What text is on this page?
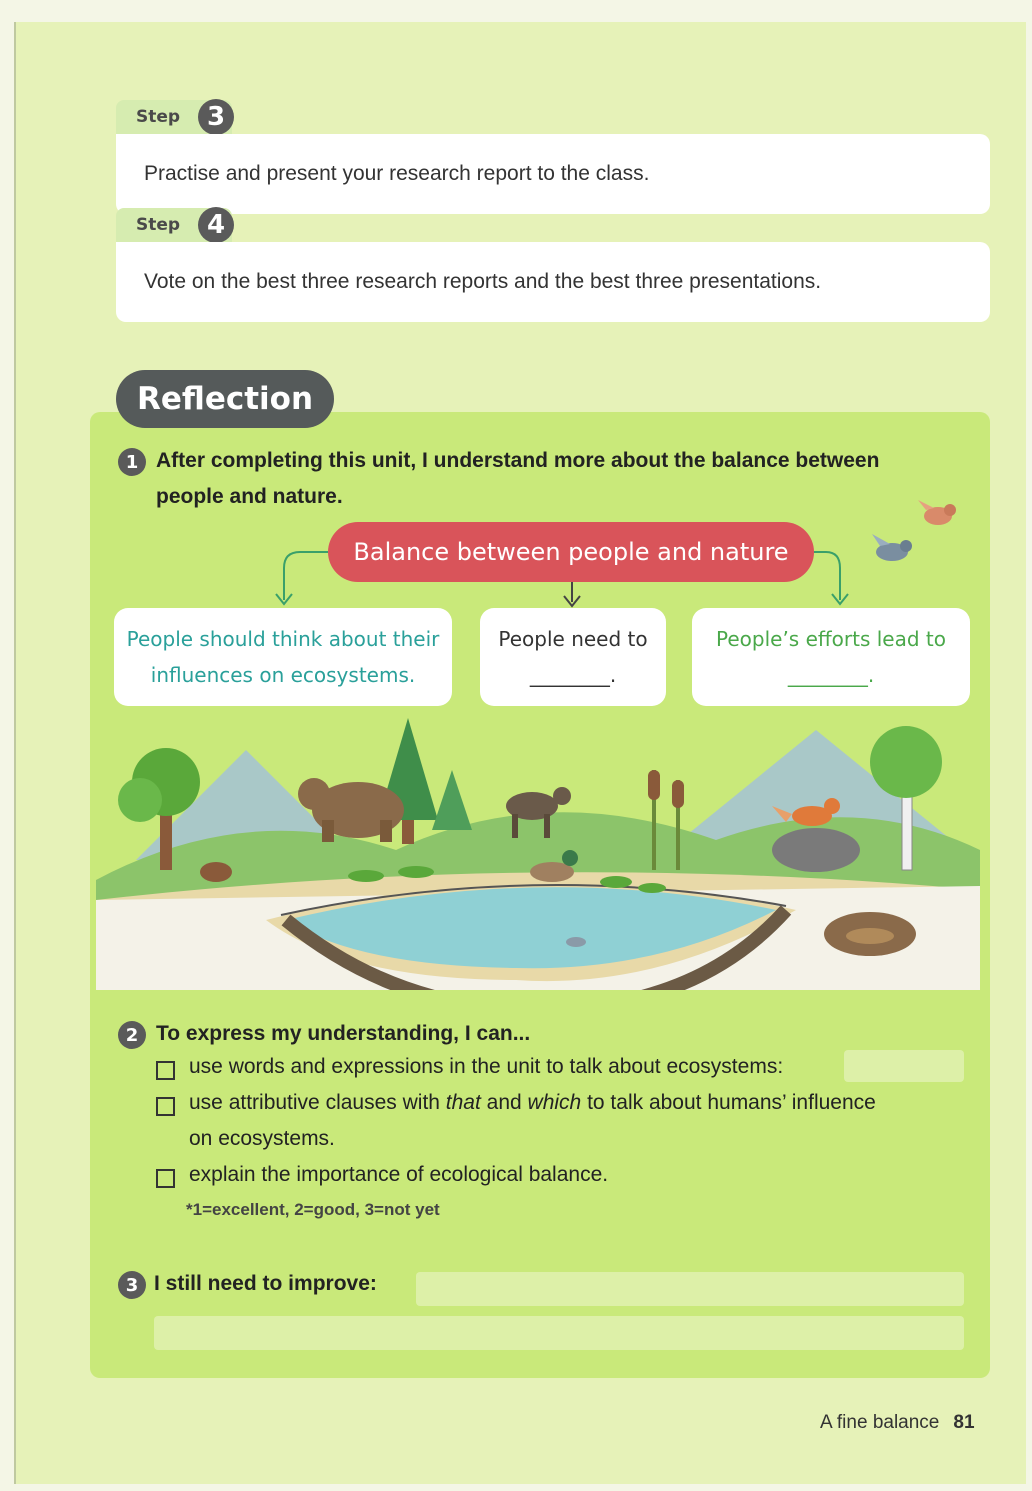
Step	3
Practise and present your research report to the class.
Step	4
Vote on the best three research reports and the best three presentations.
Reflection
1 After completing this unit, I understand more about the balance between
people and nature.
Balance between people and nature
People should think about their
influences on ecosystems.
People need to
________.
People’s efforts lead to
________.
2 To express my understanding, I can...
use words and expressions in the unit to talk about ecosystems:
use attributive clauses with that and which to talk about humans’ influence
on ecosystems.
explain the importance of ecological balance.
*1=excellent, 2=good, 3=not yet
3 I still need to improve:
A fine balance 81
